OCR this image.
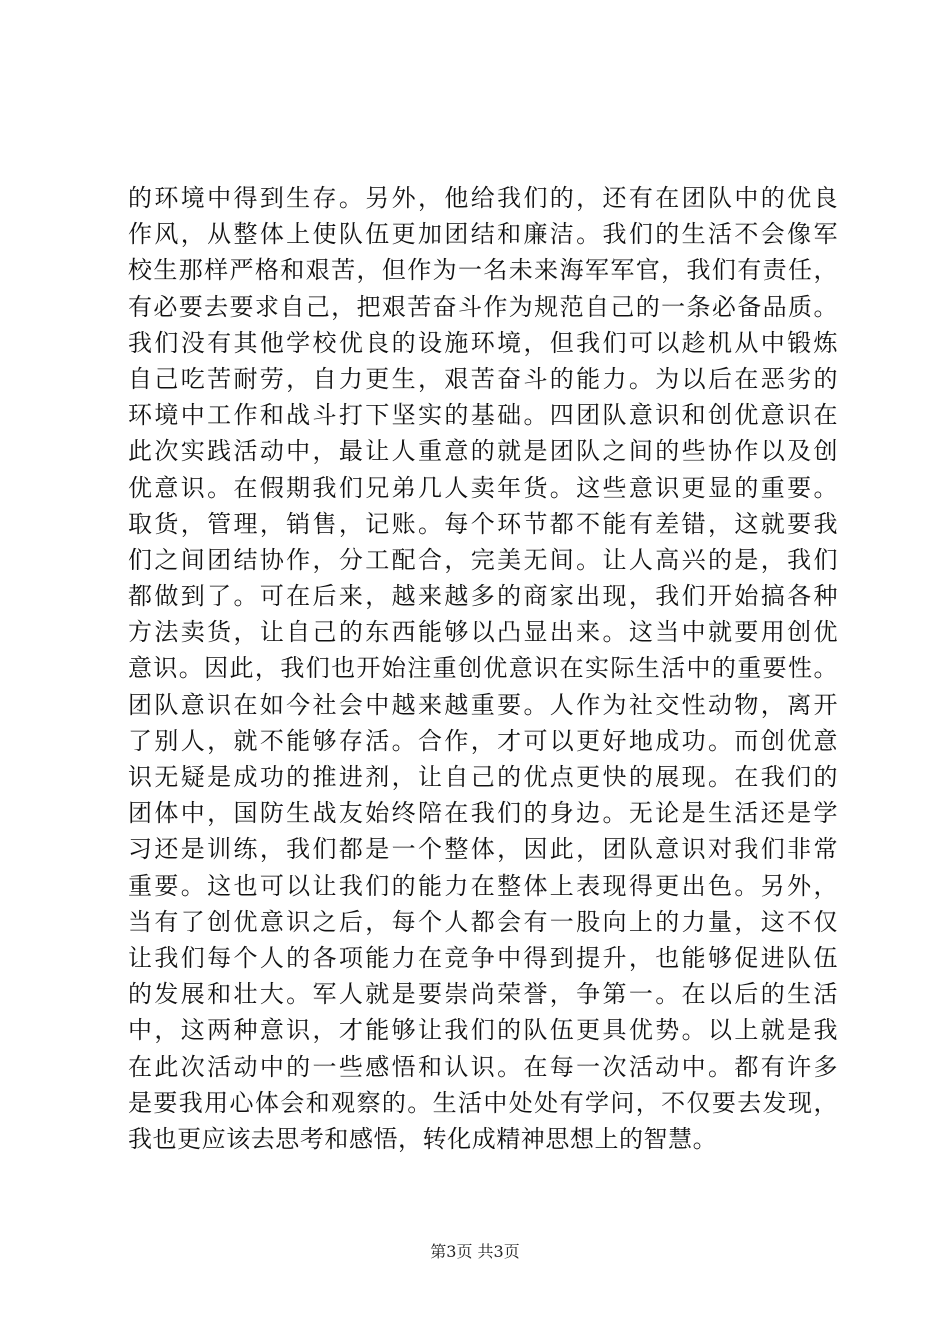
的环境中得到生存。另外，他给我们的，还有在团队中的优良
作风，从整体上使队伍更加团结和廉洁。我们的生活不会像军
校生那样严格和艰苦，但作为一名未来海军军官，我们有责任，
有必要去要求自己，把艰苦奋斗作为规范自己的一条必备品质。
我们没有其他学校优良的设施环境，但我们可以趁机从中锻炼
自己吃苦耐劳，自力更生，艰苦奋斗的能力。为以后在恶劣的
环境中工作和战斗打下坚实的基础。四团队意识和创优意识在
此次实践活动中，最让人重意的就是团队之间的些协作以及创
优意识。在假期我们兄弟几人卖年货。这些意识更显的重要。
取货，管理，销售，记账。每个环节都不能有差错，这就要我
们之间团结协作，分工配合，完美无间。让人高兴的是，我们
都做到了。可在后来，越来越多的商家出现，我们开始搞各种
方法卖货，让自己的东西能够以凸显出来。这当中就要用创优
意识。因此，我们也开始注重创优意识在实际生活中的重要性。
团队意识在如今社会中越来越重要。人作为社交性动物，离开
了别人，就不能够存活。合作，才可以更好地成功。而创优意
识无疑是成功的推进剂，让自己的优点更快的展现。在我们的
团体中，国防生战友始终陪在我们的身边。无论是生活还是学
习还是训练，我们都是一个整体，因此，团队意识对我们非常
重要。这也可以让我们的能力在整体上表现得更出色。另外，
当有了创优意识之后，每个人都会有一股向上的力量，这不仅
让我们每个人的各项能力在竞争中得到提升，也能够促进队伍
的发展和壮大。军人就是要崇尚荣誉，争第一。在以后的生活
中，这两种意识，才能够让我们的队伍更具优势。以上就是我
在此次活动中的一些感悟和认识。在每一次活动中。都有许多
是要我用心体会和观察的。生活中处处有学问，不仅要去发现，
我也更应该去思考和感悟，转化成精神思想上的智慧。
第3页 共3页
